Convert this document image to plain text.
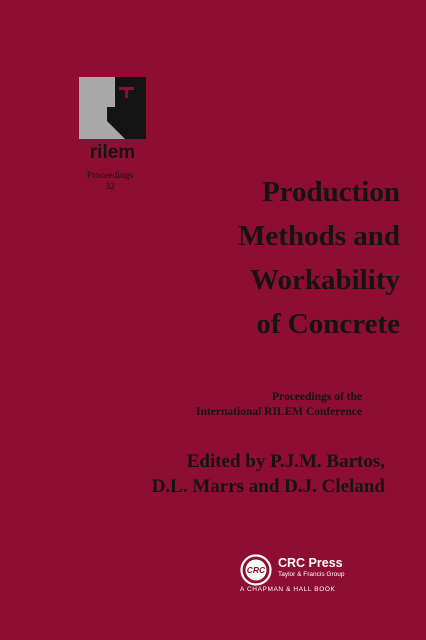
rilem
Proceedings
32	Production
Methods and
Workability
of Concrete
Proceedings of the
International RILEM Conference
Edited by P.J.M. Bartos,
D.L. Marrs and D.J. Cleland
CRC CRC Press
Taylor & Francis Group
A CHAPMAN & HALL BOOK
